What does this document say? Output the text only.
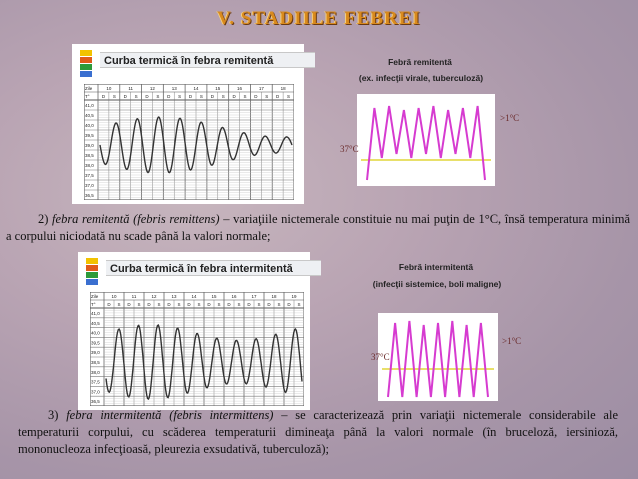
V. STADIILE FEBREI
Curba termică în febra remitentă
Zile	10	11	12	13	14	15	16	17	18
T°	D S D S D S D S D S D S D S D S D S
41,0
40,5
40,0
39,5
39,0
38,5
38,0
37,5
37,0
36,5
Febră remitentă
(ex. infecţii virale, tuberculoză)
37°C
>1°C
2) febra remitentă (febris remittens) – variaţiile nictemerale constituie nu mai puţin de 1°C, însă temperatura minimă a corpului niciodată nu scade până la valori normale;
Curba termică în febra intermitentă
Zile	10	11	12	13	14	15	16	17	18	19
T°	D S D S D S D S D S D S D S D S D S D S
41,0
40,5
40,0
39,5
39,0
38,5
38,0
37,5
37,0
36,5
Febră intermitentă
(infecţii sistemice, boli maligne)
37°C
>1°C
3) febra intermitentă (febris intermittens) – se caracterizează prin variaţii nictemerale considerabile ale temperaturii corpului, cu scăderea temperaturii dimineaţa până la valori normale (în bruceloză, iersinioză, mononucleoza infecţioasă, pleurezia exsudativă, tuberculoză);
